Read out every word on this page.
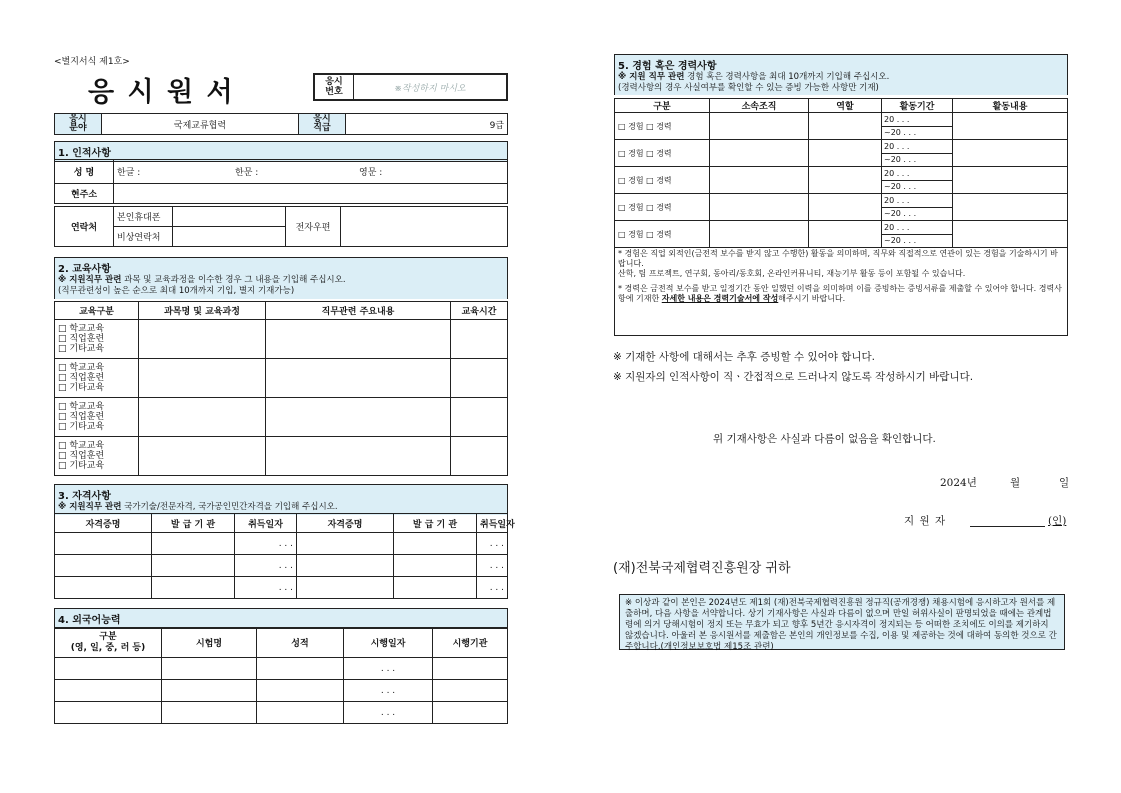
<별지서식 제1호>
응 시 원 서	응시
번호	※작성하지 마시오
응시
분야	국제교류협력	응시
직급	9급
1. 인적사항
성 명	한글 :	한문 :	영문 :
현주소			
연락처	본인휴대폰		전자우편	
	비상연락처			
2. 교육사항
※ 지원직무 관련 과목 및 교육과정을 이수한 경우 그 내용을 기입해 주십시오.
(직무관련성이 높은 순으로 최대 10개까지 기입, 별지 기재가능)
교육구분	과목명 및 교육과정	직무관련 주요내용	교육시간

□ 학교교육
□ 직업훈련
□ 기타교육			

□ 학교교육
□ 직업훈련
□ 기타교육			

□ 학교교육
□ 직업훈련
□ 기타교육			

□ 학교교육
□ 직업훈련
□ 기타교육			

3. 자격사항
※ 지원직무 관련 국가기술/전문자격, 국가공인민간자격을 기입해 주십시오.
자격증명	발 급 기 관	취득일자	자격증명	발 급 기 관	취득일자
		. . .			. . .
		. . .			. . .
		. . .			. . .
4. 외국어능력
구분
(영, 일, 중, 러 등)	시험명	성적	시행일자	시행기관
			. . .	
			. . .	
			. . .	
5. 경험 혹은 경력사항
※ 지원 직무 관련 경험 혹은 경력사항을 최대 10개까지 기입해 주십시오.
(경력사항의 경우 사실여부를 확인할 수 있는 증빙 가능한 사항만 기재)
구분	소속조직	역할	활동기간	활동내용
□ 경험 □ 경력			20 . . .
~20 . . .	

□ 경험 □ 경력			20 . . .
~20 . . .	

□ 경험 □ 경력			20 . . .
~20 . . .	

□ 경험 □ 경력			20 . . .
~20 . . .	

□ 경험 □ 경력			20 . . .
~20 . . .	

* 경험은 직업 외적인(금전적 보수를 받지 않고 수행한) 활동을 의미하며, 직무와 직접적으로 연관이 있는 경험을 기술하시기 바랍니다.
산학, 팀 프로젝트, 연구회, 동아리/동호회, 온라인커뮤니티, 재능기부 활동 등이 포함될 수 있습니다.
* 경력은 금전적 보수를 받고 일정기간 동안 일했던 이력을 의미하며 이를 증빙하는 증빙서류를 제출할 수 있어야 합니다. 경력사항에 기재한 자세한 내용은 경력기술서에 작성해주시기 바랍니다.
※ 기재한 사항에 대해서는 추후 증빙할 수 있어야 합니다.
※ 지원자의 인적사항이 직ㆍ간접적으로 드러나지 않도록 작성하시기 바랍니다.
위 기재사항은 사실과 다름이 없음을 확인합니다.
2024년	월	일
지 원 자	(인)
(재)전북국제협력진흥원장 귀하
※ 이상과 같이 본인은 2024년도 제1회 (재)전북국제협력진흥원 정규직(공개경쟁) 채용시험에 응시하고자 원서를 제출하며, 다음 사항을 서약합니다. 상기 기재사항은 사실과 다름이 없으며 만일 허위사실이 판명되었을 때에는 관계법령에 의거 당해시험이 정지 또는 무효가 되고 향후 5년간 응시자격이 정지되는 등 어떠한 조치에도 이의를 제기하지 않겠습니다. 아울러 본 응시원서를 제출함은 본인의 개인정보를 수집, 이용 및 제공하는 것에 대하여 동의한 것으로 간주합니다.(개인정보보호법 제15조 관련)
